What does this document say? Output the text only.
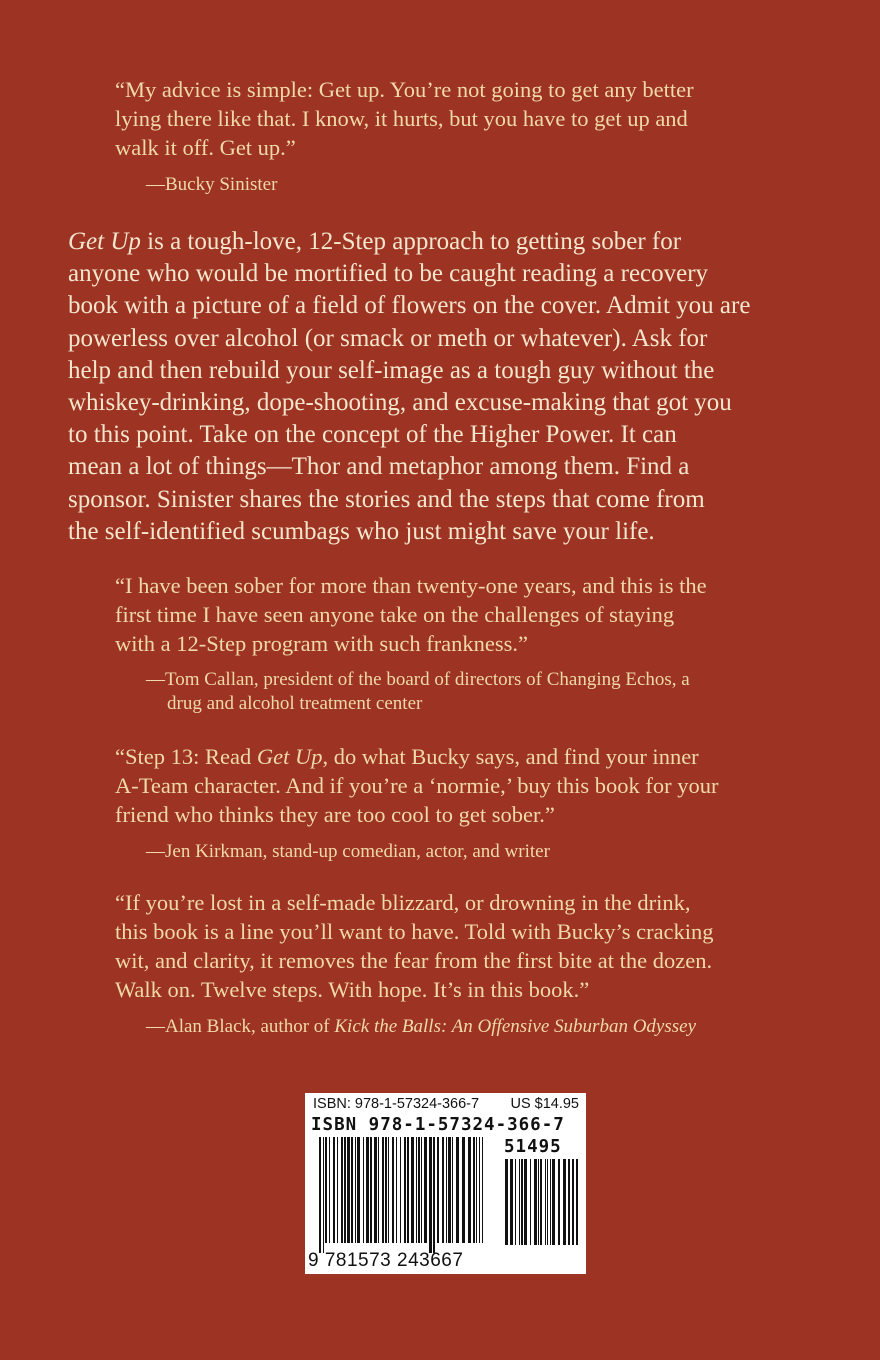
“My advice is simple: Get up. You’re not going to get any better

lying there like that. I know, it hurts, but you have to get up and

walk it off. Get up.”

—Bucky Sinister

Get Up is a tough-love, 12-Step approach to getting sober for

anyone who would be mortified to be caught reading a recovery

book with a picture of a field of flowers on the cover. Admit you are

powerless over alcohol (or smack or meth or whatever). Ask for

help and then rebuild your self-image as a tough guy without the

whiskey-drinking, dope-shooting, and excuse-making that got you

to this point. Take on the concept of the Higher Power. It can

mean a lot of things—Thor and metaphor among them. Find a

sponsor. Sinister shares the stories and the steps that come from

the self-identified scumbags who just might save your life.

“I have been sober for more than twenty-one years, and this is the

first time I have seen anyone take on the challenges of staying

with a 12-Step program with such frankness.”

—Tom Callan, president of the board of directors of Changing Echos, a
drug and alcohol treatment center

“Step 13: Read Get Up, do what Bucky says, and find your inner

A-Team character. And if you’re a ‘normie,’ buy this book for your

friend who thinks they are too cool to get sober.”

—Jen Kirkman, stand-up comedian, actor, and writer

“If you’re lost in a self-made blizzard, or drowning in the drink,

this book is a line you’ll want to have. Told with Bucky’s cracking

wit, and clarity, it removes the fear from the first bite at the dozen.

Walk on. Twelve steps. With hope. It’s in this book.”

—Alan Black, author of Kick the Balls: An Offensive Suburban Odyssey
ISBN: 978-1-57324-366-7 US $14.95
ISBN 978-1-57324-366-7
51495
9 781573 243667
